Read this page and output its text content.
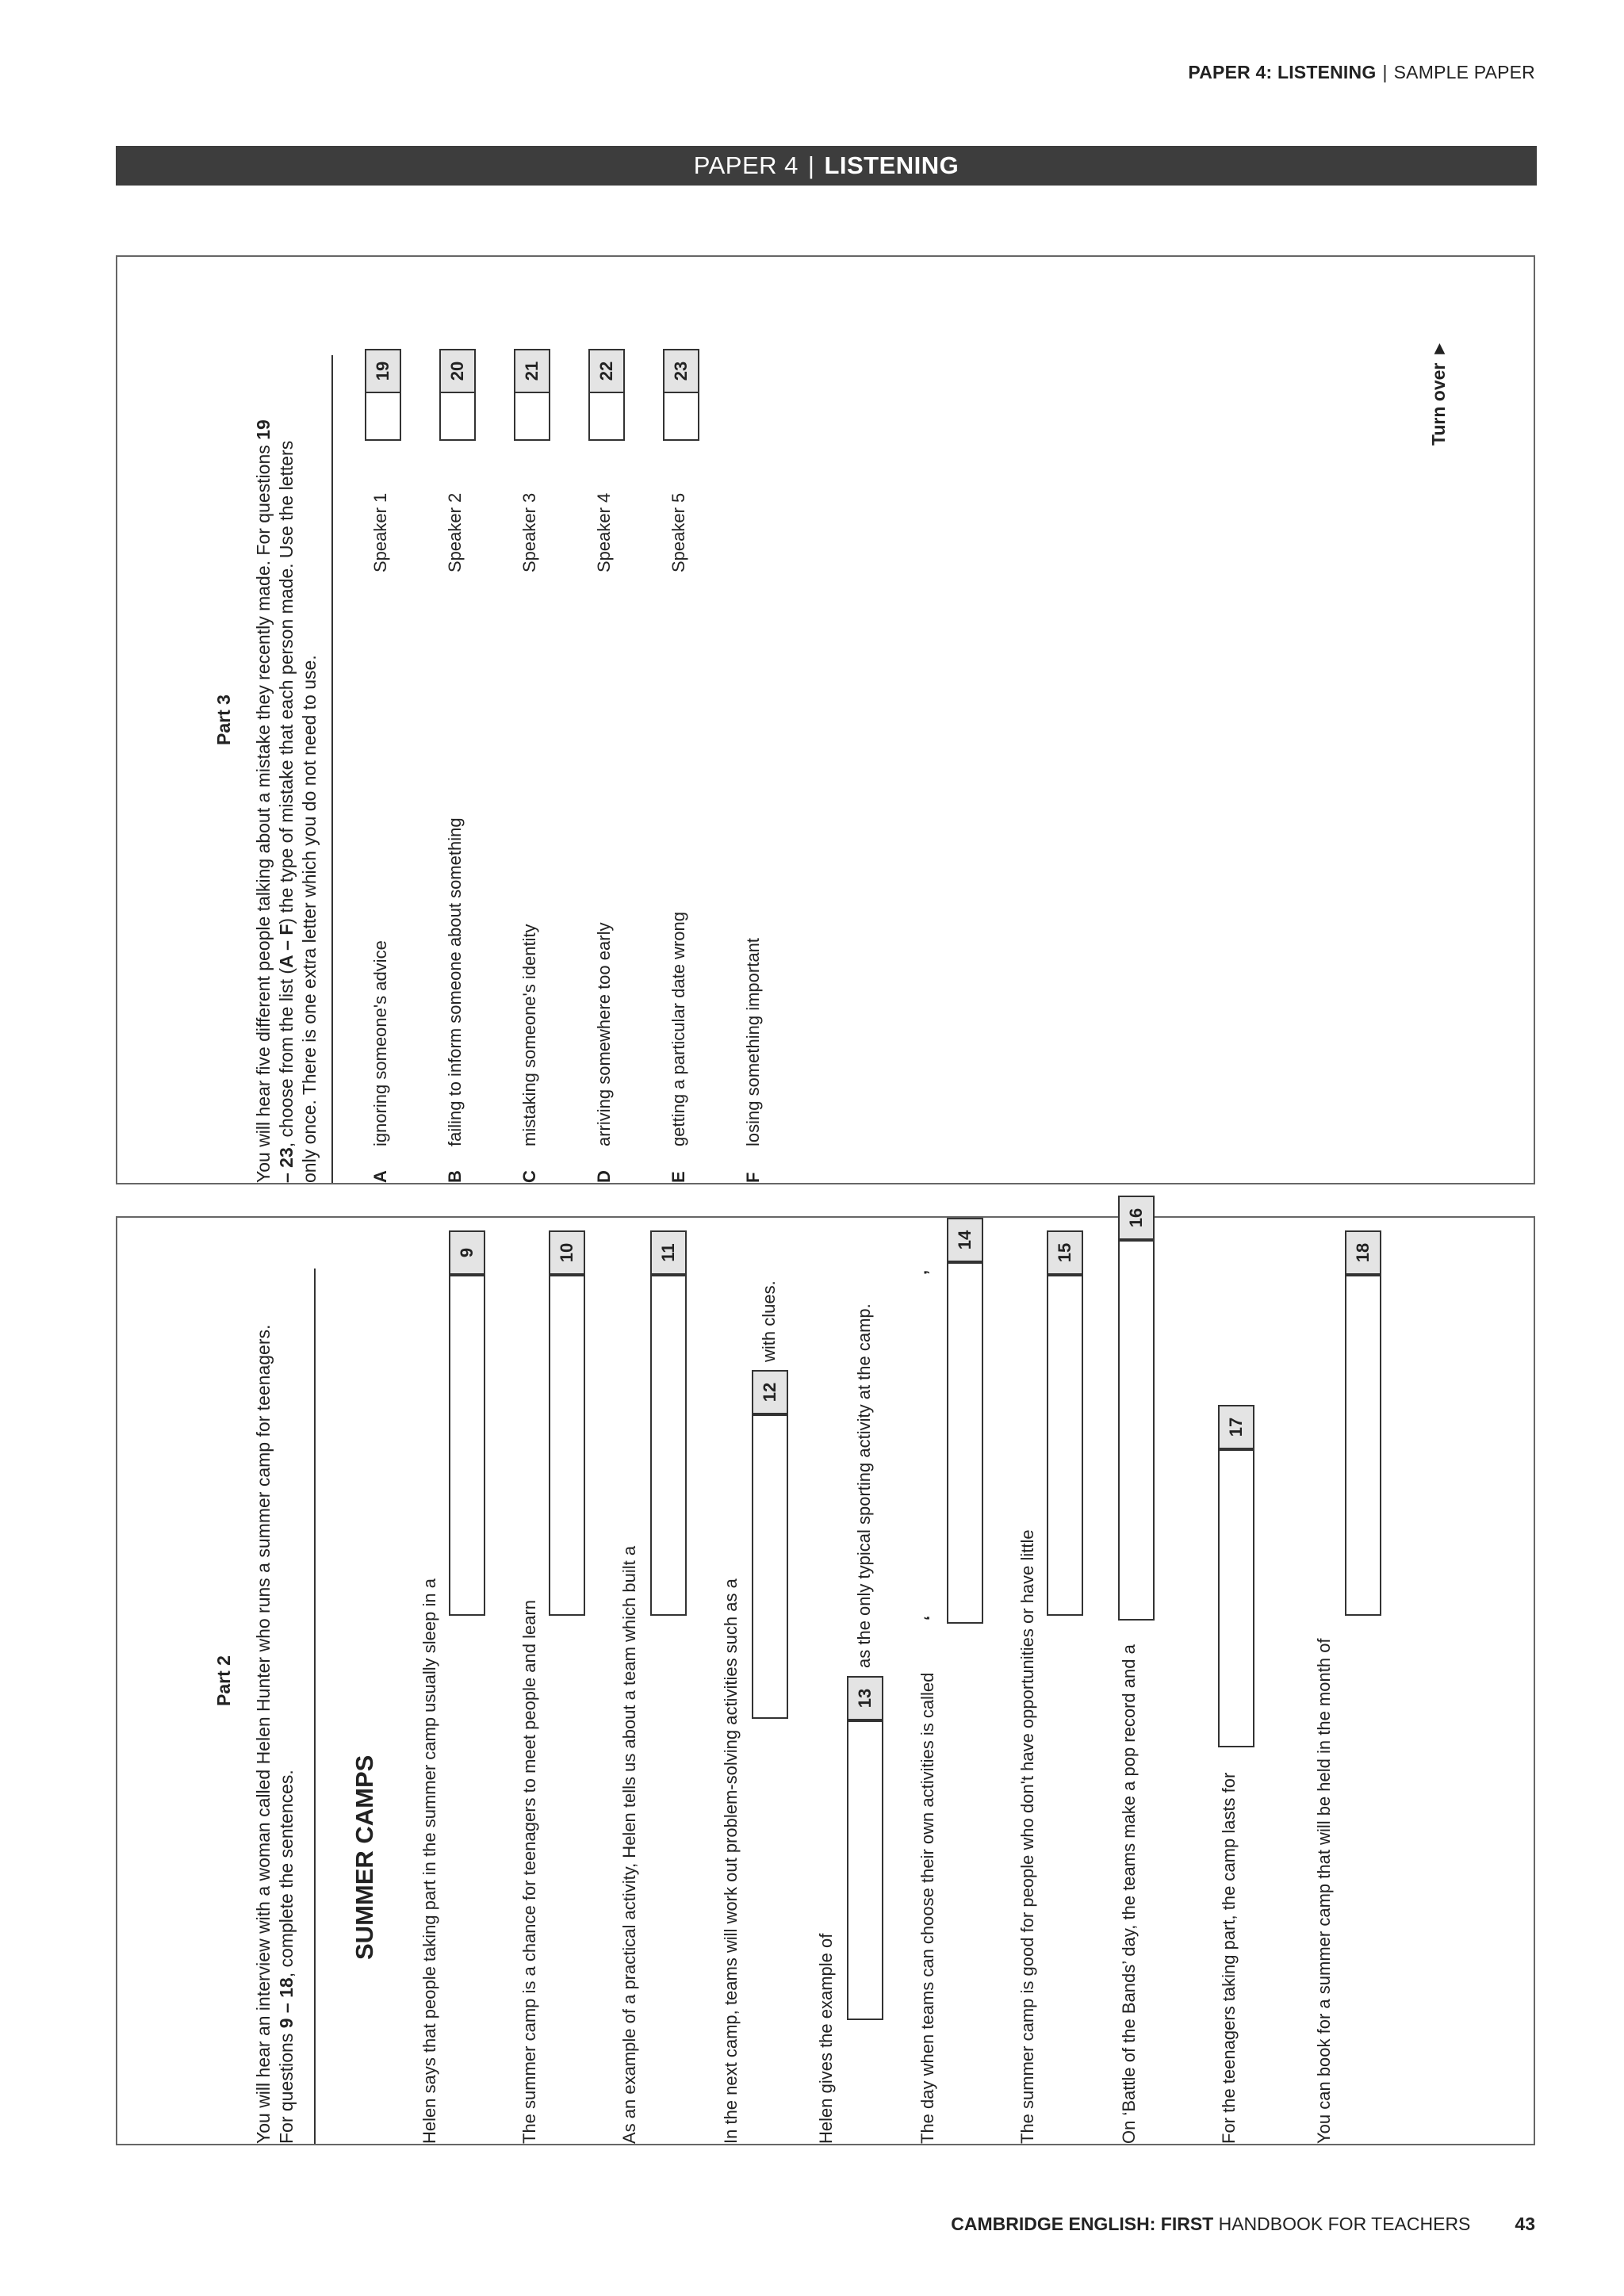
PAPER 4: LISTENING | SAMPLE PAPER
PAPER 4 | LISTENING
Part 3 You will hear five different people talking about a mistake they recently made. For questions 19 – 23, choose from the list (A – F) the type of mistake that each person made. Use the letters only once. There is one extra letter which you do not need to use.	A
ignoring someone's advice
B
failing to inform someone about something
C
mistaking someone's identity
D
arriving somewhere too early
E
getting a particular date wrong
F
losing something important
Speaker 1
19
Speaker 2
20
Speaker 3
21
Speaker 4
22
Speaker 5
23	Turn over ►
Part 2 You will hear an interview with a woman called Helen Hunter who runs a summer camp for teenagers. For questions 9 – 18, complete the sentences. SUMMER CAMPS Helen says that people taking part in the summer camp usually sleep in a
9
The summer camp is a chance for teenagers to meet people and learn
10
As an example of a practical activity, Helen tells us about a team which built a
11
In the next camp, teams will work out problem-solving activities such as a
12
with clues.
Helen gives the example of
13
as the only typical sporting activity at the camp.
The day when teams can choose their own activities is called
‘
’
14
The summer camp is good for people who don't have opportunities or have little
15
On ‘Battle of the Bands’ day, the teams make a pop record and a
16
For the teenagers taking part, the camp lasts for
17
You can book for a summer camp that will be held in the month of
18
CAMBRIDGE ENGLISH: FIRST HANDBOOK FOR TEACHERS 43
